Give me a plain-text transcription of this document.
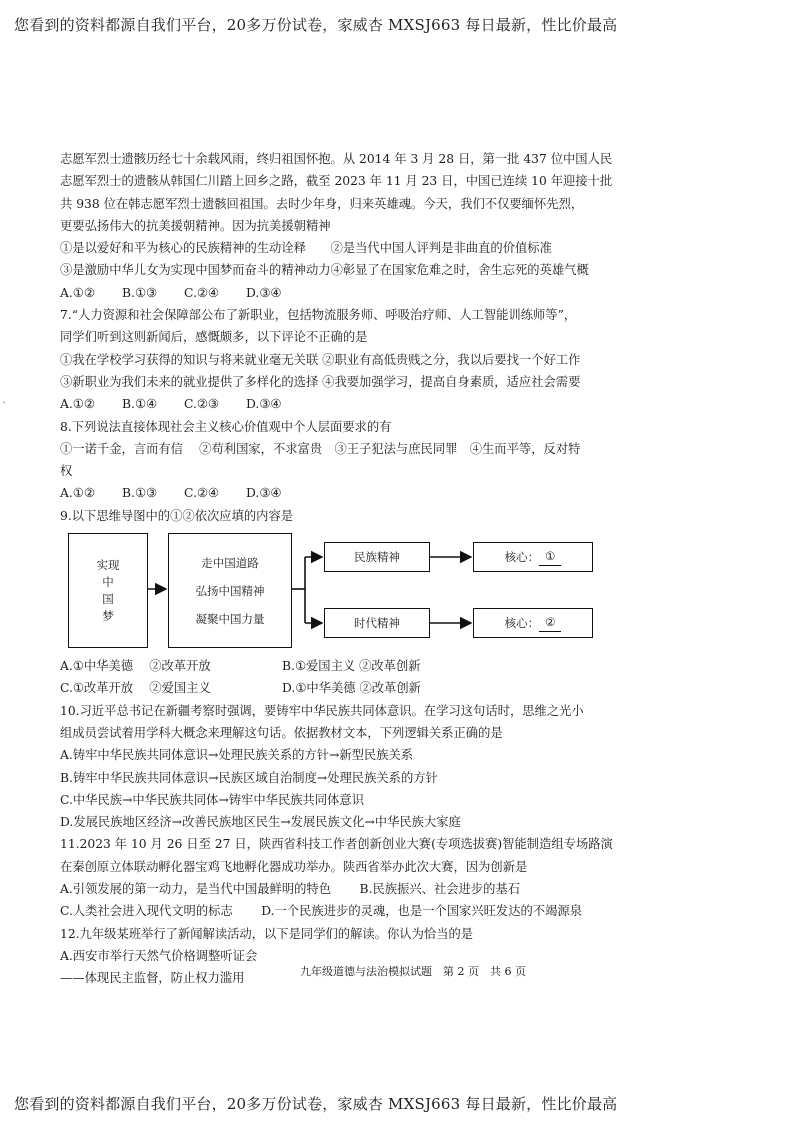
您看到的资料都源自我们平台，20多万份试卷，家威杏 MXSJ663 每日最新，性比价最高
ˋ
志愿军烈士遗骸历经七十余载风雨，终归祖国怀抱。从 2014 年 3 月 28 日，第一批 437 位中国人民
志愿军烈士的遗骸从韩国仁川踏上回乡之路，截至 2023 年 11 月 23 日，中国已连续 10 年迎接十批
共 938 位在韩志愿军烈士遗骸回祖国。去时少年身，归来英雄魂。今天，我们不仅要缅怀先烈，
更要弘扬伟大的抗美援朝精神。因为抗美援朝精神
①是以爱好和平为核心的民族精神的生动诠释　　②是当代中国人评判是非曲直的价值标准
③是激励中华儿女为实现中国梦而奋斗的精神动力④彰显了在国家危难之时，舍生忘死的英雄气概
A.①② B.①③ C.②④ D.③④
7.“人力资源和社会保障部公布了新职业，包括物流服务师、呼吸治疗师、人工智能训练师等”，
同学们听到这则新闻后，感慨颇多，以下评论不正确的是
①我在学校学习获得的知识与将来就业毫无关联 ②职业有高低贵贱之分，我以后要找一个好工作
③新职业为我们未来的就业提供了多样化的选择 ④我要加强学习，提高自身素质，适应社会需要
A.①② B.①④ C.②③ D.③④
8.下列说法直接体现社会主义核心价值观中个人层面要求的有
①一诺千金，言而有信　 ②苟利国家，不求富贵　③王子犯法与庶民同罪　④生而平等，反对特
权
A.①② B.①③ C.②④ D.③④
9.以下思维导图中的①②依次应填的内容是
实现
中
国
梦
走中国道路
弘扬中国精神
凝聚中国力量
民族精神
时代精神
核心： ①
核心： ②
A.①中华美德　 ②改革开放	B.①爱国主义 ②改革创新
C.①改革开放　 ②爱国主义	D.①中华美德 ②改革创新
10.习近平总书记在新疆考察时强调，要铸牢中华民族共同体意识。在学习这句话时，思维之光小
组成员尝试着用学科大概念来理解这句话。依据教材文本，下列逻辑关系正确的是
A.铸牢中华民族共同体意识→处理民族关系的方针→新型民族关系
B.铸牢中华民族共同体意识→民族区域自治制度→处理民族关系的方针
C.中华民族→中华民族共同体→铸牢中华民族共同体意识
D.发展民族地区经济→改善民族地区民生→发展民族文化→中华民族大家庭
11.2023 年 10 月 26 日至 27 日，陕西省科技工作者创新创业大赛(专项选拔赛)智能制造组专场路演
在秦创原立体联动孵化器宝鸡飞地孵化器成功举办。陕西省举办此次大赛，因为创新是
A.引领发展的第一动力，是当代中国最鲜明的特色　　 B.民族振兴、社会进步的基石
C.人类社会进入现代文明的标志　　 D.一个民族进步的灵魂，也是一个国家兴旺发达的不竭源泉
12.九年级某班举行了新闻解读活动，以下是同学们的解读。你认为恰当的是
A.西安市举行天然气价格调整听证会
——体现民主监督，防止权力滥用	九年级道德与法治模拟试题　第 2 页　共 6 页
您看到的资料都源自我们平台，20多万份试卷，家威杏 MXSJ663 每日最新，性比价最高
